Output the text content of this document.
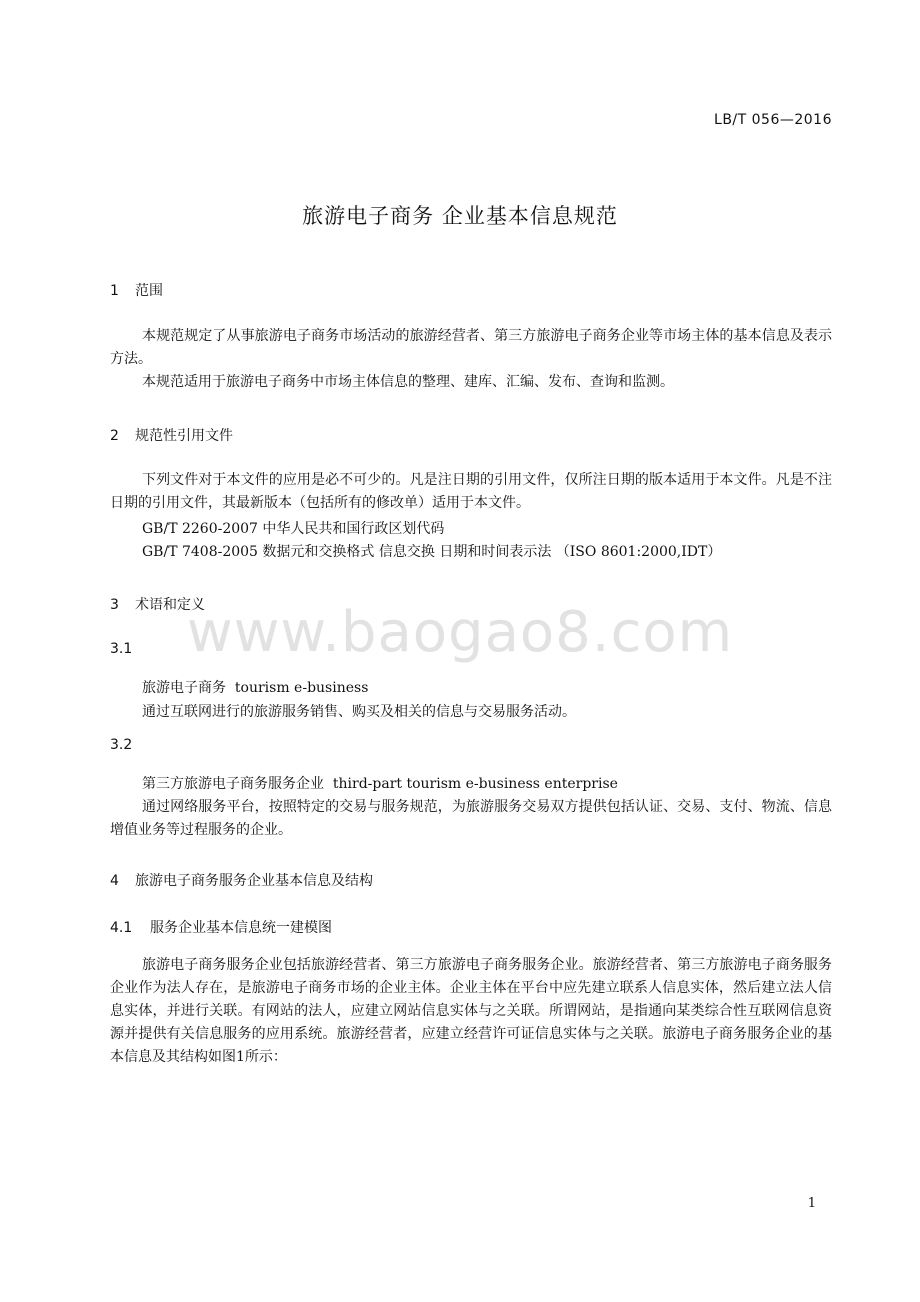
LB/T 056—2016
旅游电子商务 企业基本信息规范
1 范围

本规范规定了从事旅游电子商务市场活动的旅游经营者、第三方旅游电子商务企业等市场主体的基本信息及表示方法。

本规范适用于旅游电子商务中市场主体信息的整理、建库、汇编、发布、查询和监测。

2 规范性引用文件

下列文件对于本文件的应用是必不可少的。凡是注日期的引用文件，仅所注日期的版本适用于本文件。凡是不注日期的引用文件，其最新版本（包括所有的修改单）适用于本文件。

GB/T 2260-2007 中华人民共和国行政区划代码
GB/T 7408-2005 数据元和交换格式 信息交换 日期和时间表示法 （ISO 8601:2000,IDT）
3 术语和定义
www.baogao8.com
3.1
旅游电子商务 tourism e-business
通过互联网进行的旅游服务销售、购买及相关的信息与交易服务活动。
3.2
第三方旅游电子商务服务企业 third-part tourism e-business enterprise

通过网络服务平台，按照特定的交易与服务规范，为旅游服务交易双方提供包括认证、交易、支付、物流、信息增值业务等过程服务的企业。

4 旅游电子商务服务企业基本信息及结构
4.1 服务企业基本信息统一建模图

旅游电子商务服务企业包括旅游经营者、第三方旅游电子商务服务企业。旅游经营者、第三方旅游电子商务服务企业作为法人存在，是旅游电子商务市场的企业主体。企业主体在平台中应先建立联系人信息实体，然后建立法人信息实体，并进行关联。有网站的法人，应建立网站信息实体与之关联。所谓网站，是指通向某类综合性互联网信息资源并提供有关信息服务的应用系统。旅游经营者，应建立经营许可证信息实体与之关联。旅游电子商务服务企业的基本信息及其结构如图1所示：

1
